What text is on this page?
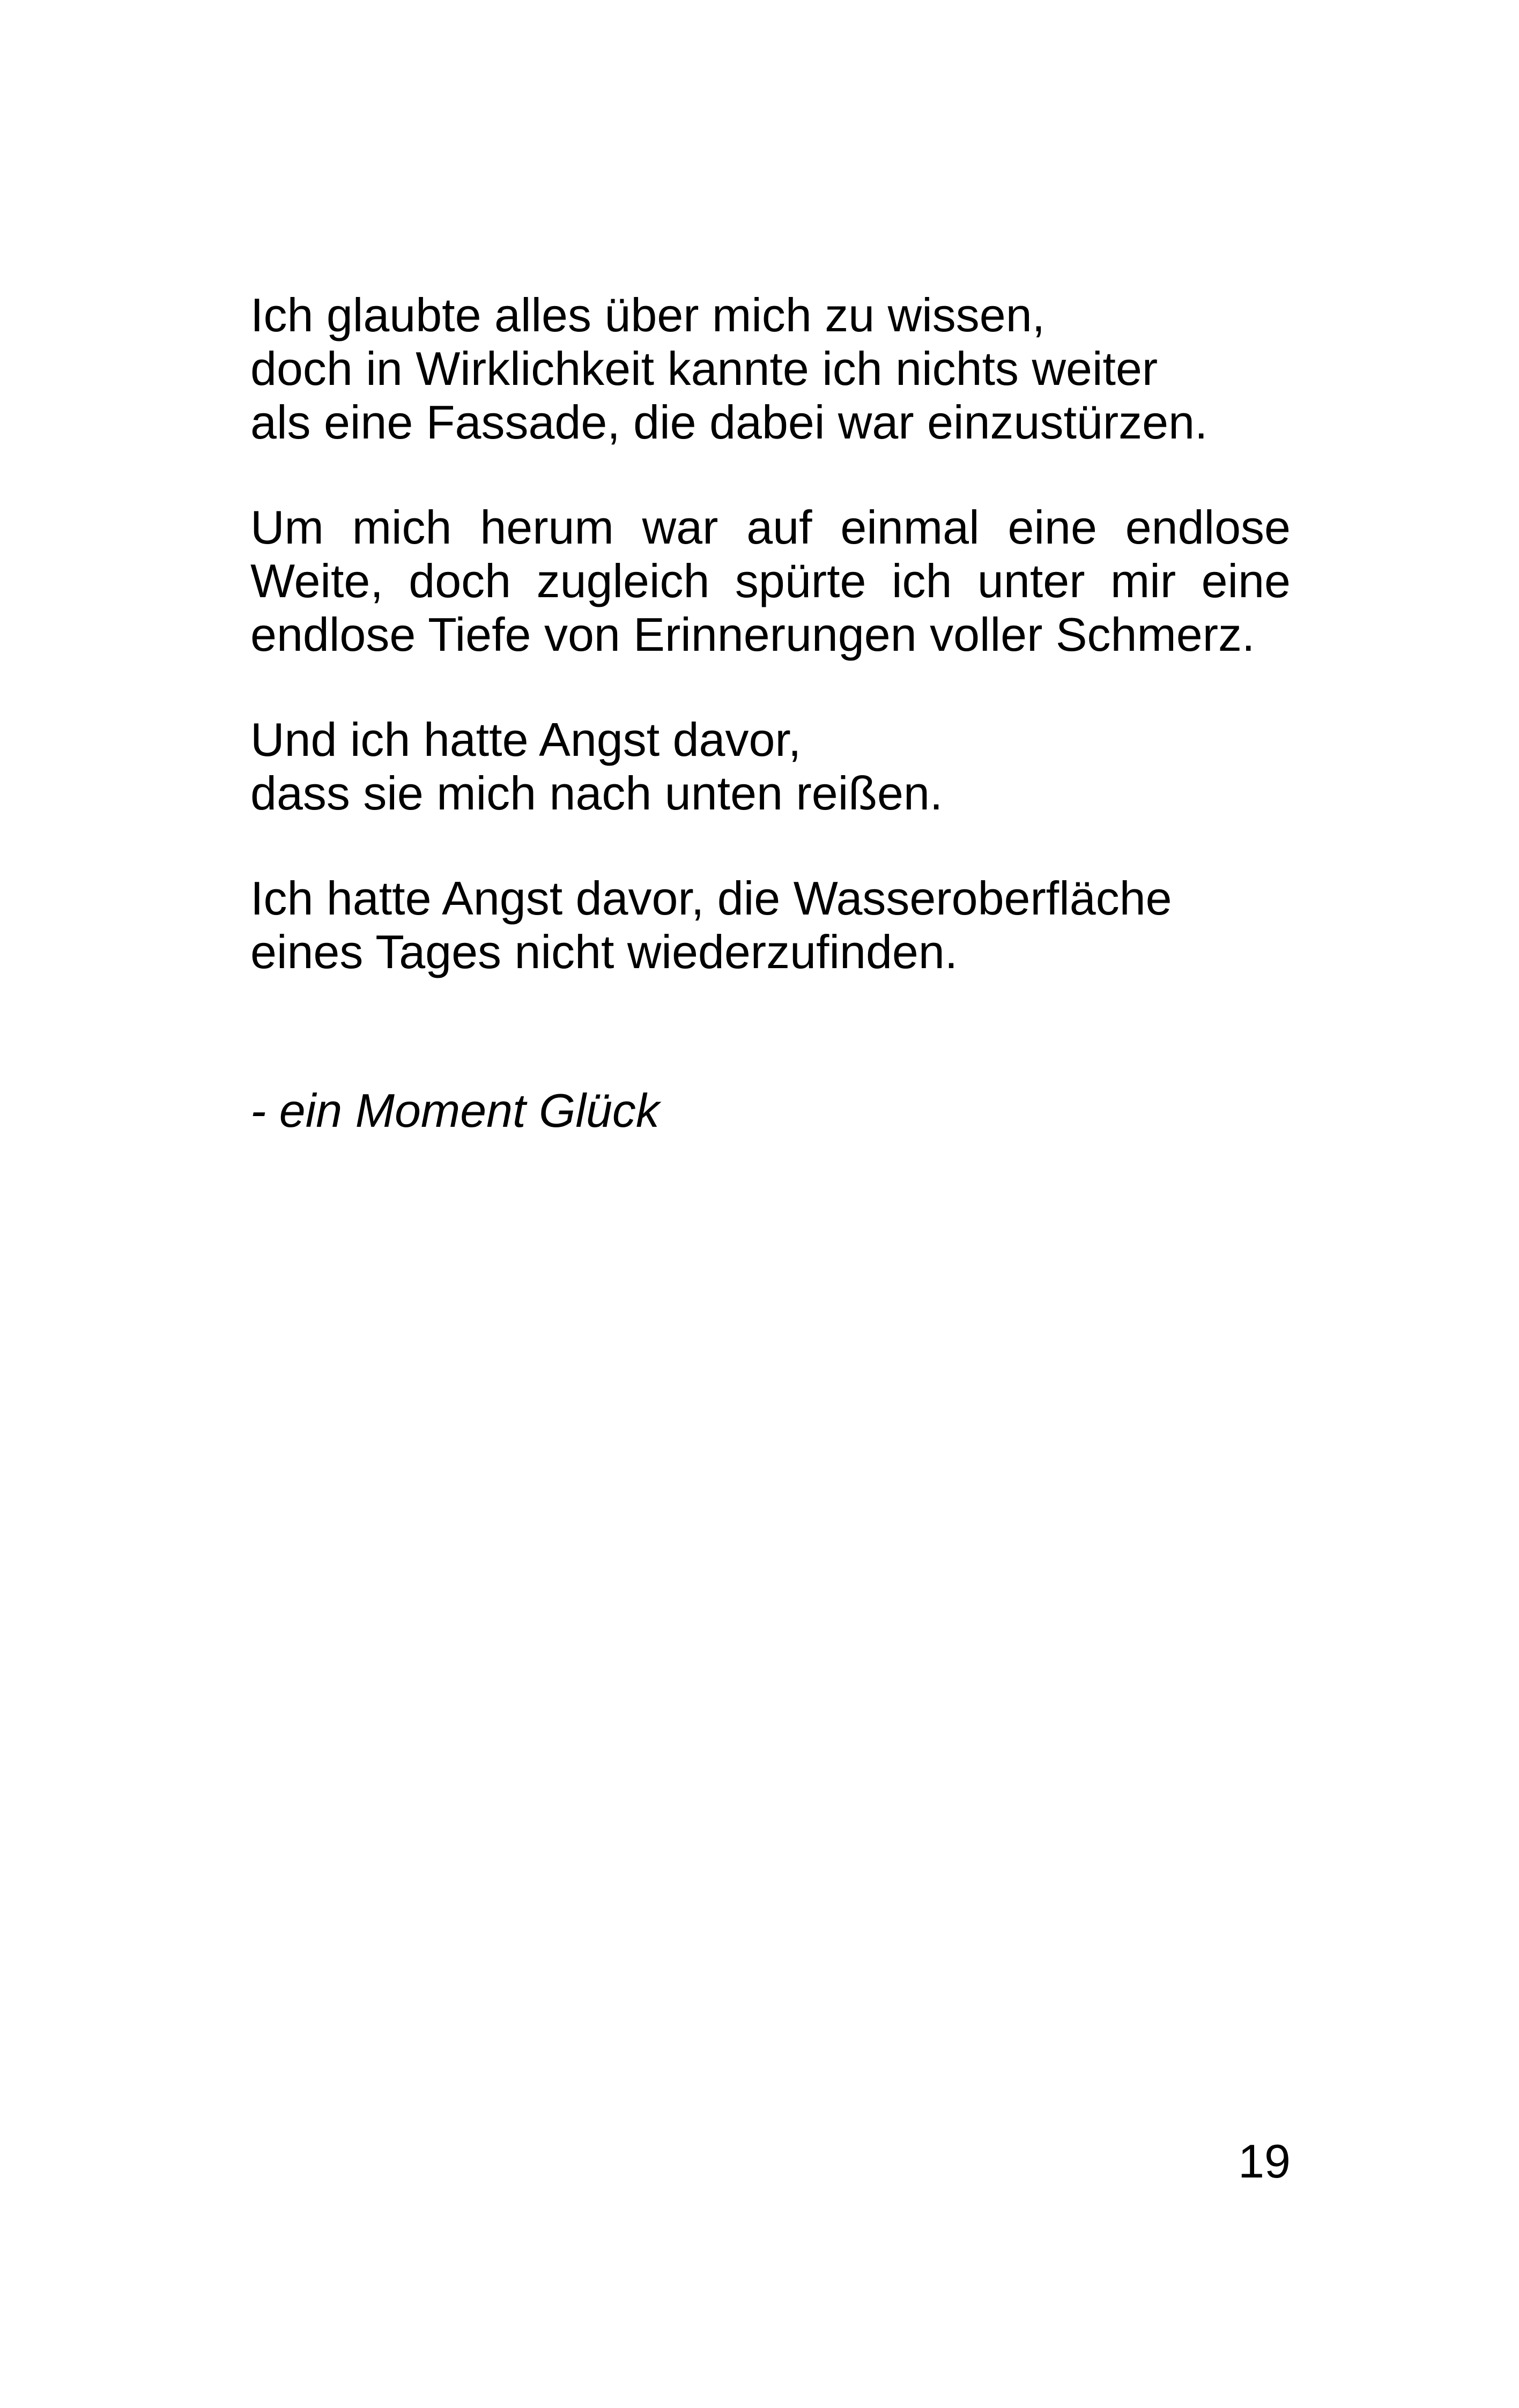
Ich glaubte alles über mich zu wissen,
doch in Wirklichkeit kannte ich nichts weiter
als eine Fassade, die dabei war einzustürzen.
Um mich herum war auf einmal eine endlose
Weite, doch zugleich spürte ich unter mir eine
endlose Tiefe von Erinnerungen voller Schmerz.
Und ich hatte Angst davor,
dass sie mich nach unten reißen.
Ich hatte Angst davor, die Wasseroberfläche
eines Tages nicht wiederzufinden.
- ein Moment Glück
19
